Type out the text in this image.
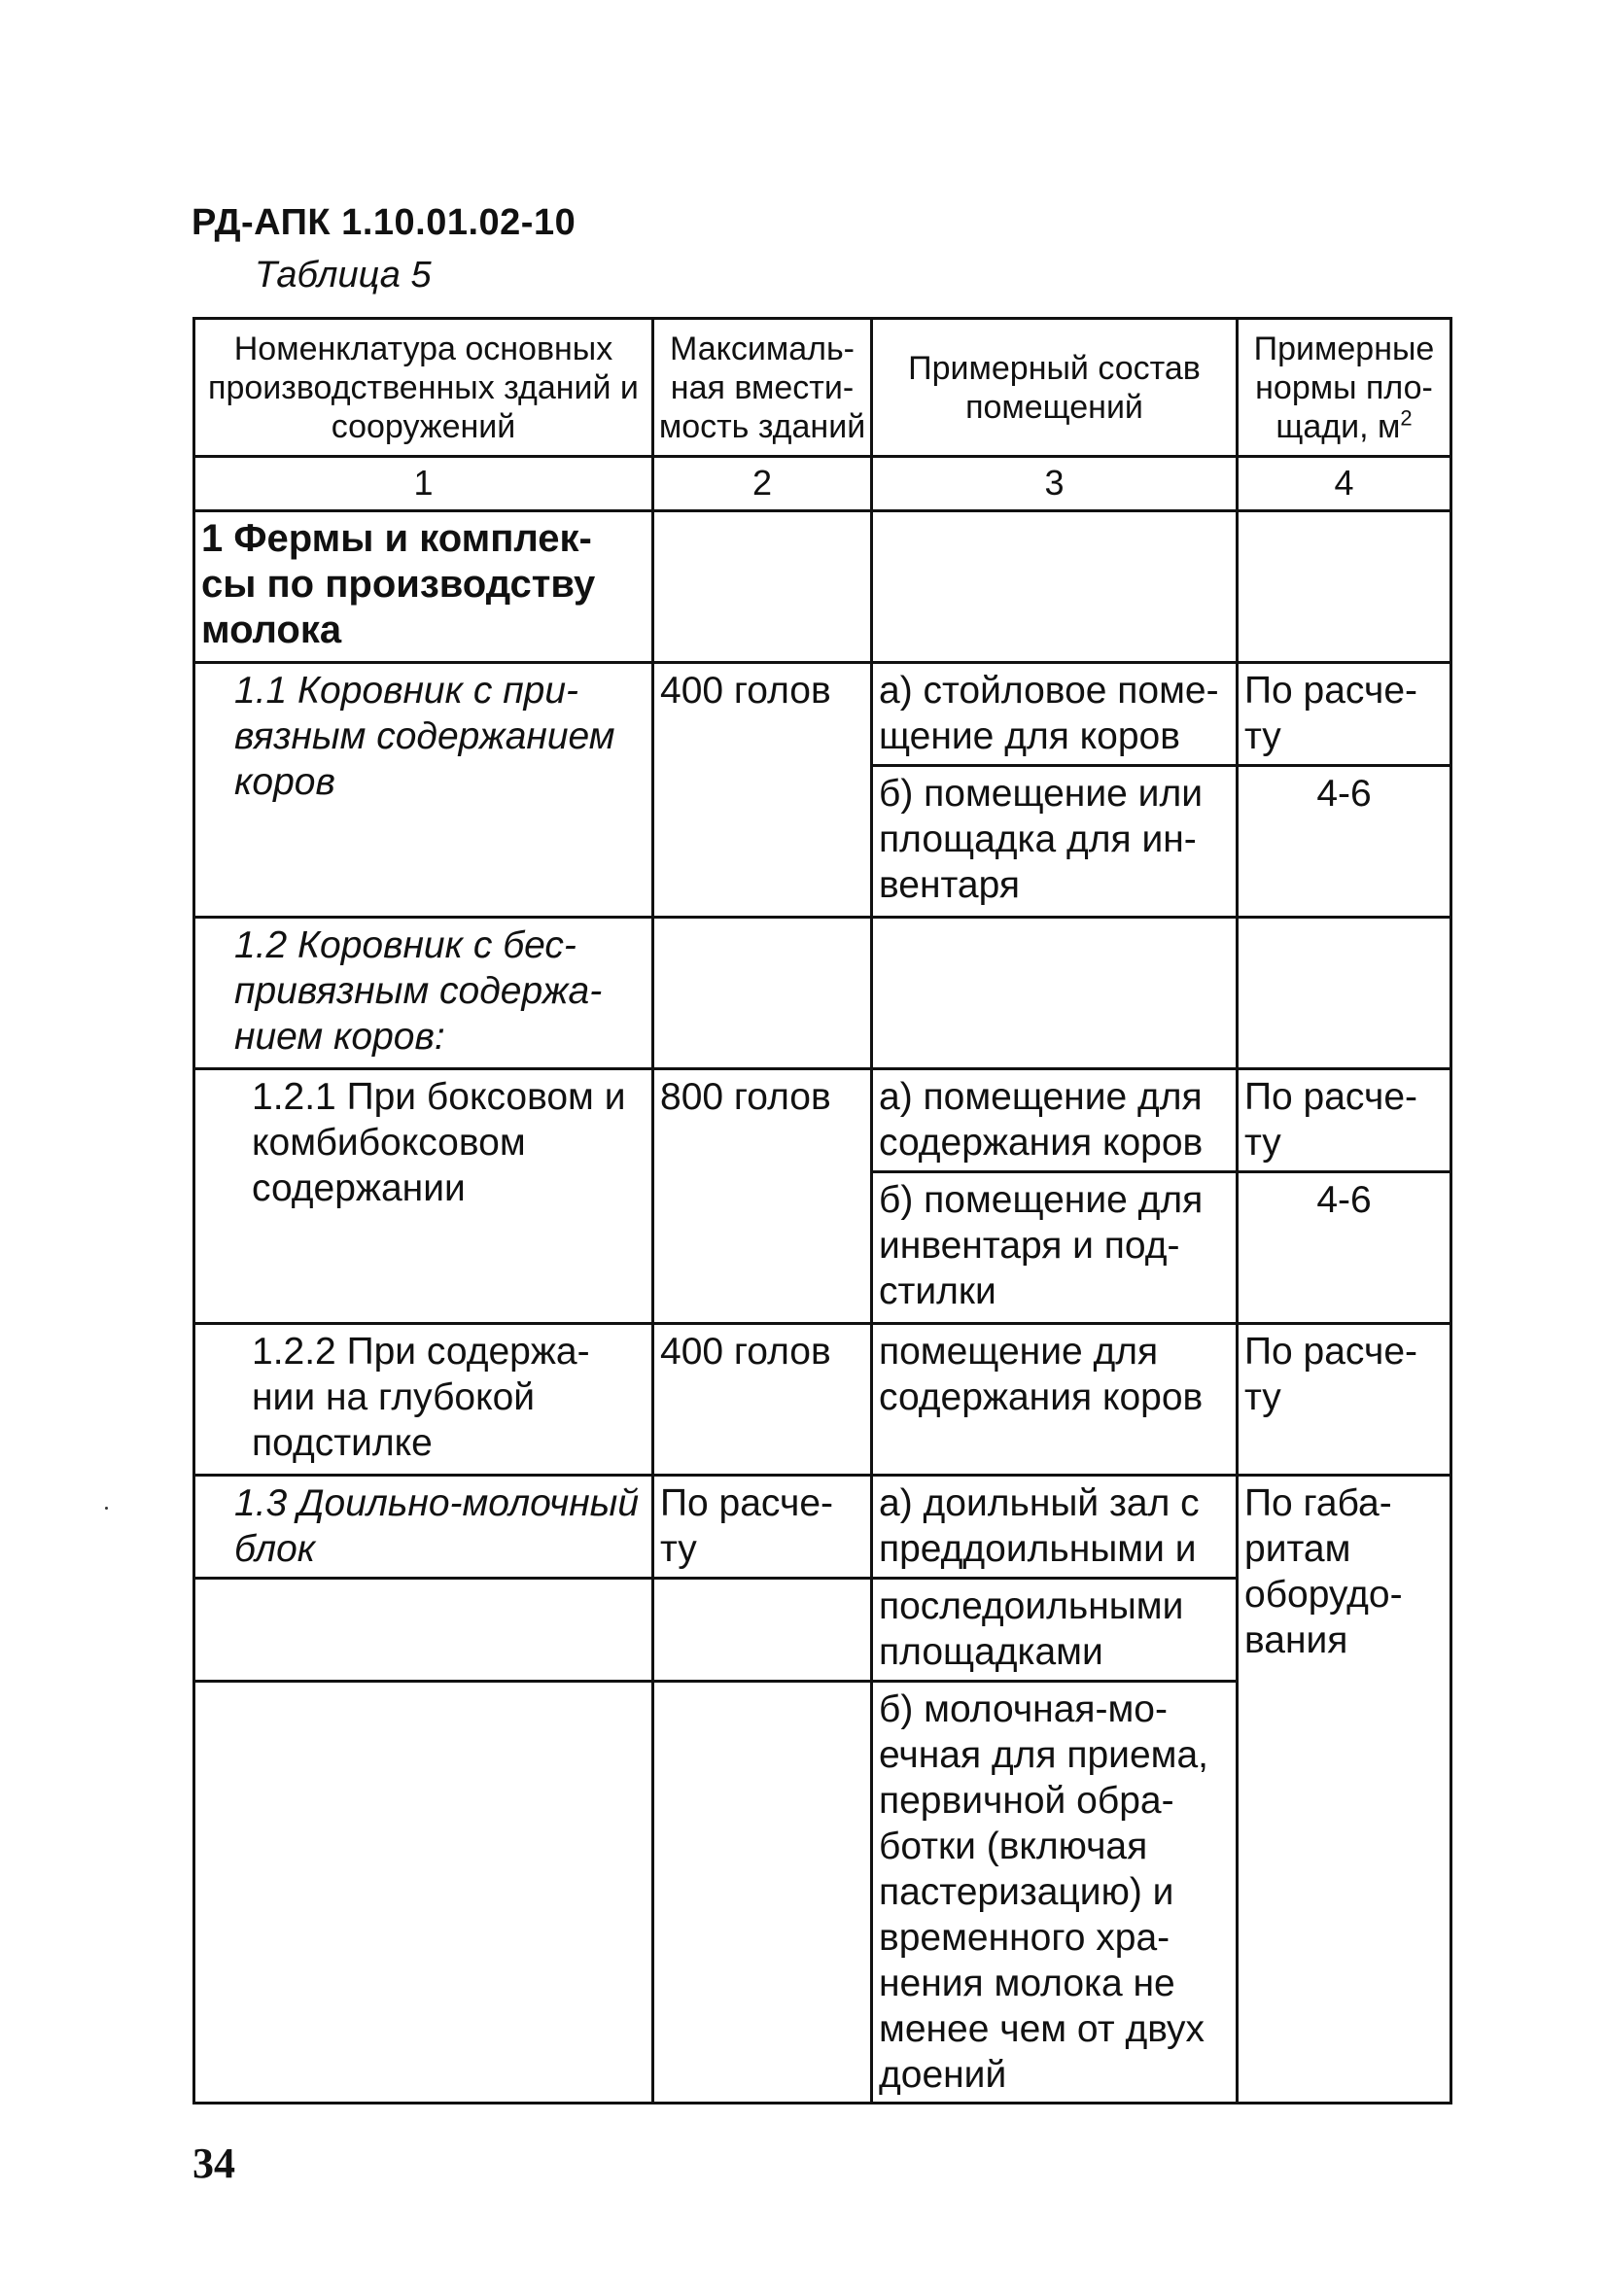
РД-АПК 1.10.01.02-10
Таблица 5
Номенклатура основных производственных зданий и сооружений	Максималь-ная вмести-мость зданий	Примерный состав помещений	Примерные нормы пло-щади, $м^2$
1	2	3	4
1 Фермы и комплек-сы по производству молока			
1.1 Коровник с при-вязным содержанием коров	400 голов	а) стойловое поме-щение для коров	По расче-ту
		б) помещение или площадка для ин-вентаря	4-6
1.2 Коровник с бес-привязным содержа-нием коров:			
1.2.1 При боксовом и комбибоксовом содержании	800 голов	а) помещение для содержания коров	По расче-ту
		б) помещение для инвентаря и под-стилки	4-6
1.2.2 При содержа-нии на глубокой подстилке	400 голов	помещение для содержания коров	По расче-ту
1.3 Доильно-молочный блок	По расче-ту	а) доильный зал с преддоильными и	По габа-ритам оборудо-вания
		последоильными площадками	
		б) молочная-мо-ечная для приема, первичной обра-ботки (включая пастеризацию) и временного хра-нения молока не менее чем от двух доений	
34
